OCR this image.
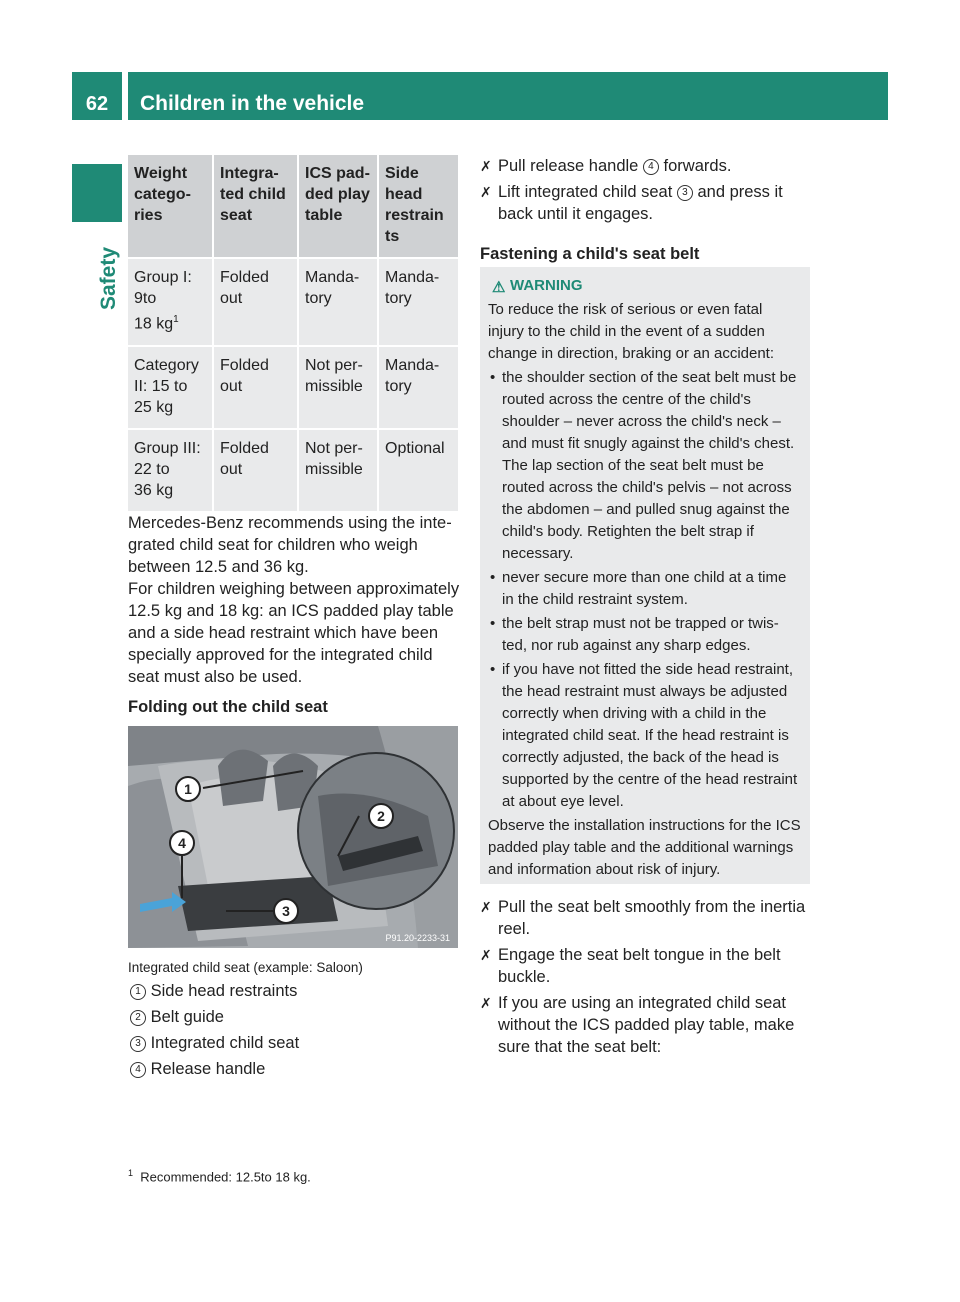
62	Children in the vehicle
Safety
Weight catego-ries	Integra-ted child seat	ICS pad-ded play table	Side head restrain ts
Group I:
9to
18 $kg^1$	Folded out	Manda-tory	Manda-tory
Category
II: 15 to
25 kg	Folded out	Not per-missible	Manda-tory
Group III:
22 to
36 kg	Folded out	Not per-missible	Optional
Mercedes-Benz recommends using the inte-grated child seat for children who weigh between 12.5 and 36 kg.
For children weighing between approximately 12.5 kg and 18 kg: an ICS padded play table and a side head restraint which have been specially approved for the integrated child seat must also be used.
Folding out the child seat
1
2
3
4
P91.20-2233-31
Integrated child seat (example: Saloon)
1 Side head restraints
2 Belt guide
3 Integrated child seat
4 Release handle
✗ Pull release handle 4 forwards.
✗ Lift integrated child seat 3 and press it back until it engages.
Fastening a child's seat belt
⚠ WARNING
To reduce the risk of serious or even fatal injury to the child in the event of a sudden change in direction, braking or an accident:
• the shoulder section of the seat belt must be routed across the centre of the child's shoulder – never across the child's neck – and must fit snugly against the child's chest. The lap section of the seat belt must be routed across the child's pelvis – not across the abdomen – and pulled snug against the child's body. Retighten the belt strap if necessary.
• never secure more than one child at a time in the child restraint system.
• the belt strap must not be trapped or twis-ted, nor rub against any sharp edges.
• if you have not fitted the side head restraint, the head restraint must always be adjusted correctly when driving with a child in the integrated child seat. If the head restraint is correctly adjusted, the back of the head is supported by the centre of the head restraint at about eye level.
Observe the installation instructions for the ICS padded play table and the additional warnings and information about risk of injury.
✗ Pull the seat belt smoothly from the inertia reel.
✗ Engage the seat belt tongue in the belt buckle.
✗ If you are using an integrated child seat without the ICS padded play table, make sure that the seat belt:
$^1$ Recommended: 12.5to 18 kg.
